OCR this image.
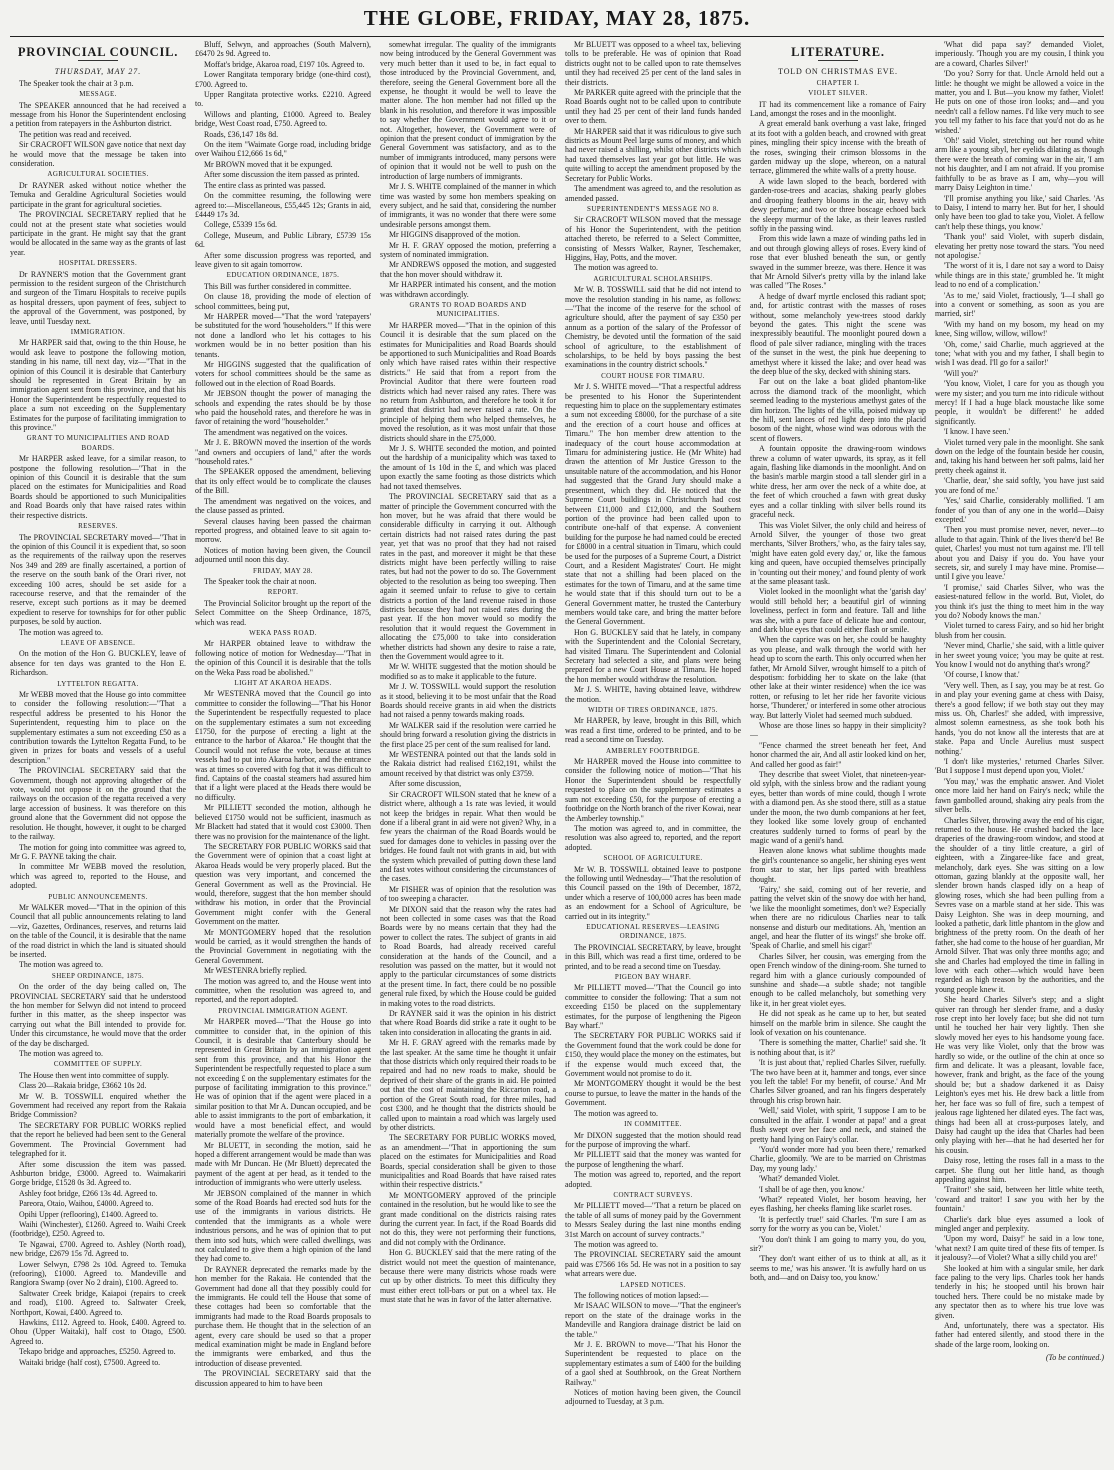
THE GLOBE, FRIDAY, MAY 28, 1875.
PROVINCIAL COUNCIL.

THURSDAY, MAY 27.

The Speaker took the chair at 3 p.m.

MESSAGE.

The SPEAKER announced that he had received a message from his Honor the Superintendent enclosing a petition from ratepayers in the Ashburton district.

The petition was read and received.

Sir CRACROFT WILSON gave notice that next day he would move that the message be taken into consideration.

AGRICULTURAL SOCIETIES.

Dr RAYNER asked without notice whether the Temuka and Geraldine Agricultural Societies would participate in the grant for agricultural societies.

The PROVINCIAL SECRETARY replied that he could not at the present state what societies would participate in the grant. He might say that the grant would be allocated in the same way as the grants of last year.

HOSPITAL DRESSERS.

Dr RAYNER'S motion that the Government grant permission to the resident surgeon of the Christchurch and surgeon of the Timaru Hospitals to receive pupils as hospital dressers, upon payment of fees, subject to the approval of the Government, was postponed, by leave, until Tuesday next.

IMMIGRATION.

Mr HARPER said that, owing to the thin House, he would ask leave to postpone the following motion, standing in his name, till next day, viz—"That in the opinion of this Council it is desirable that Canterbury should be represented in Great Britain by an immigration agent sent from this province, and that his Honor the Superintendent be respectfully requested to place a sum not exceeding on the Supplementary Estimates for the purpose of facilitating immigration to this province."

GRANT TO MUNICIPALITIES AND ROAD BOARDS.

Mr HARPER asked leave, for a similar reason, to postpone the following resolution—"That in the opinion of this Council it is desirable that the sum placed on the estimates for Municipalities and Road Boards should be apportioned to such Municipalities and Road Boards only that have raised rates within their respective districts.

RESERVES.

The PROVINCIAL SECRETARY moved—"That in the opinion of this Council it is expedient that, so soon as the requirements of the railway upon the reserves Nos 349 and 289 are finally ascertained, a portion of the reserve on the south bank of the Orari river, not exceeding 100 acres, should be set aside for a racecourse reserve, and that the remainder of the reserve, except such portions as it may be deemed expedient to reserve for townships for for other public purposes, be sold by auction.

The motion was agreed to.

LEAVE OF ABSENCE.

On the motion of the Hon G. BUCKLEY, leave of absence for ten days was granted to the Hon E. Richardson.

LYTTELTON REGATTA.

Mr WEBB moved that the House go into committee to consider the following resolution:—"That a respectful address be presented to his Honor the Superintendent, requesting him to place on the supplementary estimates a sum not exceeding £50 as a contribution towards the Lyttelton Regatta Fund, to be given in prizes for boats and vessels of a useful description."

The PROVINCIAL SECRETARY said that the Government, though not approving altogether of the vote, would not oppose it on the ground that the railways on the occasion of the regatta received a very large accession of business. It was therefore on this ground alone that the Government did not oppose the resolution. He thought, however, it ought to be charged to the railway.

The motion for going into committee was agreed to, Mr G. F. PAYNE taking the chair.

In committee Mr WEBB moved the resolution, which was agreed to, reported to the House, and adopted.

PUBLIC ANNOUNCEMENTS.

Mr WALKER moved—"That in the opinion of this Council that all public announcements relating to land—viz, Gazettes, Ordinances, reserves, and returns laid on the table of the Council, it is desirable that the name of the road district in which the land is situated should be inserted.

The motion was agreed to.

SHEEP ORDINANCE, 1875.

On the order of the day being called on, The PROVINCIAL SECRETARY said that he understood the hon member for Selwyn did not intend to proceed further in this matter, as the sheep inspector was carrying out what the Bill intended to provide for. Under this circumstance, he would move that the order of the day be discharged.

The motion was agreed to.

COMMITTEE OF SUPPLY.

The House then went into committee of supply.

Class 20—Rakaia bridge, £3662 10s 2d.

Mr W. B. TOSSWILL enquired whether the Government had received any report from the Rakaia Bridge Commission?

The SECRETARY FOR PUBLIC WORKS replied that the report he believed had been sent to the General Government. The Provincial Government had telegraphed for it.

After some discussion the item was passed. Ashburton bridge, £3000. Agreed to. Waimakariri Gorge bridge, £1528 0s 3d. Agreed to.

Ashley foot bridge, £266 13s 4d. Agreed to.

Pareora, Otaio, Waihou, £4000. Agreed to.

Opihi Upper (reflooring), £1400. Agreed to.

Waihi (Winchester), £1260. Agreed to. Waihi Creek (footbridge), £250. Agreed to.

Te Ngawai, £700. Agreed to. Ashley (North road), new bridge, £2679 15s 7d. Agreed to.

Lower Selwyn, £798 2s 10d. Agreed to. Temuka (refooring), £1000. Agreed to. Mandeville and Rangiora Swamp (over No 2 drain), £100. Agreed to.

Saltwater Creek bridge, Kaiapoi (repairs to creek and road), £100. Agreed to. Saltwater Creek, Northport, Kowai, £400. Agreed to.

Hawkins, £112. Agreed to. Hook, £400. Agreed to. Ohou (Upper Waitaki), half cost to Otago, £500. Agreed to.

Tekapo bridge and approaches, £5250. Agreed to.

Waitaki bridge (half cost), £7500. Agreed to.

Bluff, Selwyn, and approaches (South Malvern), £6470 2s 9d. Agreed to.

Moffat's bridge, Akaroa road, £197 10s. Agreed to.

Lower Rangitata temporary bridge (one-third cost), £700. Agreed to.

Upper Rangitata protective works. £2210. Agreed to.

Willows and planting, £1000. Agreed to. Bealey bridge, West Coast road, £750. Agreed to.

Roads, £36,147 18s 8d.

On the item "Waimate Gorge road, including bridge over Waihou £12,666 1s 6d,"

Mr BROWN moved that it be expunged.

After some discussion the item passed as printed.

The entire class as printed was passed.

On the committee resuming, the following were agreed to:—Miscellaneous, £55,445 12s; Grants in aid, £4449 17s 3d.

College, £5339 15s 6d.

College, Museum, and Public Library, £5739 15s 6d.

After some discussion progress was reported, and leave given to sit again tomorrow.

EDUCATION ORDINANCE, 1875.

This Bill was further considered in committee.

On clause 18, providing the mode of election of school committees, being put,

Mr HARPER moved—"That the word 'ratepayers' be substituted for the word 'householders.'" If this were not done a landlord who let his cottages to his workmen would be in no better position than his tenants.

Mr HIGGINS suggested that the qualification of voters for school committees should be the same as followed out in the election of Road Boards.

Mr JEBSON thought the power of managing the schools and expending the rates should be by those who paid the household rates, and therefore he was in favor of retaining the word "householder."

The amendment was negatived on the voices.

Mr J. E. BROWN moved the insertion of the words "and owners and occupiers of land," after the words "household rates."

The SPEAKER opposed the amendment, believing that its only effect would be to complicate the clauses of the Bill.

The amendment was negatived on the voices, and the clause passed as printed.

Several clauses having been passed the chairman reported progress, and obtained leave to sit again to-morrow.

Notices of motion having been given, the Council adjourned until noon this day.

FRIDAY, MAY 28.

The Speaker took the chair at noon.

REPORT.

The Provincial Solicitor brought up the report of the Select Committee on the Sheep Ordinance, 1875, which was read.

WEKA PASS ROAD.

Mr HARPER obtained leave to withdraw the following notice of motion for Wednesday—"That in the opinion of this Council it is desirable that the tolls on the Weka Pass road be abolished."

LIGHT AT AKAROA HEADS.

Mr WESTENRA moved that the Council go into committee to consider the following—"That his Honor the Superintendent be respectfully requested to place on the supplementary estimates a sum not exceeding £1750, for the purpose of erecting a light at the entrance to the harbor of Akaroa." He thought that the Council would not refuse the vote, because at times vessels had to put into Akaroa harbor, and the entrance was at times so covered with fog that it was difficult to find. Captains of the coastal steamers had assured him that if a light were placed at the Heads there would be no difficulty.

Mr PILLIETT seconded the motion, although he believed £1750 would not be sufficient, inasmuch as Mr Blackett had stated that it would cost £3000. Then there was no provision for the maintenance of the light.

The SECRETARY FOR PUBLIC WORKS said that the Government were of opinion that a coast light at Akaroa Heads would be very properly placed. But the question was very important, and concerned the General Government as well as the Provincial. He would, therefore, suggest that the hon member should withdraw his motion, in order that the Provincial Government might confer with the General Government on the matter.

Mr MONTGOMERY hoped that the resolution would be carried, as it would strengthen the hands of the Provincial Government in negotiating with the General Government.

Mr WESTENRA briefly replied.

The motion was agreed to, and the House went into committee, when the resolution was agreed to, and reported, and the report adopted.

PROVINCIAL IMMIGRATION AGENT.

Mr HARPER moved—"That the House go into committee to consider that, in the opinion of this Council, it is desirable that Canterbury should be represented in Great Britain by an immigration agent sent from this province, and that his Honor the Superintendent be respectfully requested to place a sum not exceeding £ on the supplementary estimates for the purpose of facilitating immigration to this province." He was of opinion that if the agent were placed in a similar position to that Mr A. Duncan occupied, and be able to assist immigrants to the port of embarkation, it would have a most beneficial effect, and would materially promote the welfare of the province.

Mr BLUETT, in seconding the motion, said he hoped a different arrangement would be made than was made with Mr Duncan. He (Mr Bluett) deprecated the payment of the agent at per head, as it tended to the introduction of immigrants who were utterly useless.

Mr JEBSON complained of the manner in which some of the Road Boards had erected sod huts for the use of the immigrants in various districts. He contended that the immigrants as a whole were industrious persons, and he was of opinion that to put them into sod huts, which were called dwellings, was not calculated to give them a high opinion of the land they had come to.

Dr RAYNER deprecated the remarks made by the hon member for the Rakaia. He contended that the Government had done all that they possibly could for the immigrants. He could tell the House that some of these cottages had been so comfortable that the immigrants had made to the Road Boards proposals to purchase them. He thought that in the selection of an agent, every care should be used so that a proper medical examination might be made in England before the immigrants were embarked, and thus the introduction of disease prevented.

The PROVINCIAL SECRETARY said that the discussion appeared to him to have been

somewhat irregular. The quality of the immigrants now being introduced by the General Government was very much better than it used to be, in fact equal to those introduced by the Provincial Government, and, therefore, seeing the General Government bore all the expense, he thought it would be well to leave the matter alone. The hon member had not filled up the blank in his resolution, and therefore it was impossible to say whether the Government would agree to it or not. Altogether, however, the Government were of opinion that the present conduct of immigration by the General Government was satisfactory, and as to the number of immigrants introduced, many persons were of opinion that it would not be well to push on the introduction of large numbers of immigrants.

Mr J. S. WHITE complained of the manner in which time was wasted by some hon members speaking on every subject, and he said that, considering the number of immigrants, it was no wonder that there were some undesirable persons amongst them.

Mr HIGGINS disapproved of the motion.

Mr H. F. GRAY opposed the motion, preferring a system of nominated immigration.

Mr ANDREWS opposed the motion, and suggested that the hon mover should withdraw it.

Mr HARPER intimated his consent, and the motion was withdrawn accordingly.

GRANTS TO ROAD BOARDS AND MUNICIPALITIES.

Mr HARPER moved—"That in the opinion of this Council it is desirable that the sum placed on the estimates for Municipalities and Road Boards should be apportioned to such Municipalities and Road Boards only which have raised rates within their respective districts." He said that from a report from the Provincial Auditor that there were fourteen road districts which had never raised any rates. There was no return from Ashburton, and therefore he took it for granted that district had never raised a rate. On the principle of helping them who helped themselves, he moved the resolution, as it was most unfair that those districts should share in the £75,000.

Mr J. S. WHITE seconded the motion, and pointed out the hardship of a municipality which was taxed to the amount of 1s 10d in the £, and which was placed upon exactly the same footing as those districts which had not taxed themselves.

The PROVINCIAL SECRETARY said that as a matter of principle the Government concurred with the hon mover, but he was afraid that there would be considerable difficulty in carrying it out. Although certain districts had not raised rates during the past year, yet that was no proof that they had not raised rates in the past, and moreover it might be that these districts might have been perfectly willing to raise rates, but had not the power to do so. The Government objected to the resolution as being too sweeping. Then again it seemed unfair to refuse to give to certain districts a portion of the land revenue raised in those districts because they had not raised rates during the past year. If the hon mover would so modify the resolution that it would request the Government in allocating the £75,000 to take into consideration whether districts had shown any desire to raise a rate, then the Government would agree to it.

Mr W. WHITE suggested that the motion should be modified so as to make it applicable to the future.

Mr J. W. TOSSWILL would support the resolution as it stood, believing it to be most unfair that the Road Boards should receive grants in aid when the districts had not raised a penny towards making roads.

Mr WALKER said if the resolution were carried he should bring forward a resolution giving the districts in the first place 25 per cent of the sum realised for land.

Mr WESTENRA pointed out that the lands sold in the Rakaia district had realised £162,191, whilst the amount received by that district was only £3759.

After some discussion,

Sir CRACROFT WILSON stated that he knew of a district where, although a 1s rate was levied, it would not keep the bridges in repair. What then would be done if a liberal grant in aid were not given? Why, in a few years the chairman of the Road Boards would be sued for damages done to vehicles in passing over the bridges. He found fault not with grants in aid, but with the system which prevailed of putting down these land and fast votes without considering the circumstances of the cases.

Mr FISHER was of opinion that the resolution was of too sweeping a character.

Mr DIXON said that the reason why the rates had not been collected in some cases was that the Road Boards were by no means certain that they had the power to collect the rates. The subject of grants in aid to Road Boards, had already received careful consideration at the hands of the Council, and a resolution was passed on the matter, but it would not apply to the particular circumstances of some districts at the present time. In fact, there could be no possible general rule fixed, by which the House could be guided in making votes to the road districts.

Dr RAYNER said it was the opinion in his district that where Road Boards did strike a rate it ought to be taken into consideration in allocating the grants in aid.

Mr H. F. GRAY agreed with the remarks made by the last speaker. At the same time he thought it unfair that those districts which only required their roads to be repaired and had no new roads to make, should be deprived of their share of the grants in aid. He pointed out that the cost of maintaining the Riccarton road, a portion of the Great South road, for three miles, had cost £300, and he thought that the districts should be called upon to maintain a road which was largely used by other districts.

The SECRETARY FOR PUBLIC WORKS moved, as an amendment—"That in apportioning the sum placed on the estimates for Municipalities and Road Boards, special consideration shall be given to those municipalities and Road Boards that have raised rates within their respective districts."

Mr MONTGOMERY approved of the principle contained in the resolution, but he would like to see the grant made conditional on the districts raising rates during the current year. In fact, if the Road Boards did not do this, they were not performing their functions, and did not comply with the Ordinance.

Hon G. BUCKLEY said that the mere rating of the district would not meet the question of maintenance, because there were many districts whose roads were cut up by other districts. To meet this difficulty they must either erect toll-bars or put on a wheel tax. He must state that he was in favor of the latter alternative.

Mr BLUETT was opposed to a wheel tax, believing tolls to be preferable. He was of opinion that Road districts ought not to be called upon to rate themselves until they had received 25 per cent of the land sales in their districts.

Mr PARKER quite agreed with the principle that the Road Boards ought not to be called upon to contribute until they had 25 per cent of their land funds handed over to them.

Mr HARPER said that it was ridiculous to give such districts as Mount Peel large sums of money, and which had never raised a shilling, whilst other districts which had taxed themselves last year got but little. He was quite willing to accept the amendment proposed by the Secretary for Public Works.

The amendment was agreed to, and the resolution as amended passed.

SUPERINTENDENT'S MESSAGE NO 8.

Sir CRACROFT WILSON moved that the message of his Honor the Superintendent, with the petition attached thereto, be referred to a Select Committee, consisting of Messrs Walker, Rayner, Teschemaker, Higgins, Hay, Potts, and the mover.

The motion was agreed to.

AGRICULTURAL SCHOLARSHIPS.

Mr W. B. TOSSWILL said that he did not intend to move the resolution standing in his name, as follows:—"That the income of the reserve for the school of agriculture should, after the payment of say £350 per annum as a portion of the salary of the Professor of Chemistry, be devoted until the formation of the said school of agriculture, to the establishment of scholarships, to be held by boys passing the best examinations in the country district schools."

COURT HOUSE FOR TIMARU.

Mr J. S. WHITE moved—"That a respectful address be presented to his Honor the Superintendent requesting him to place on the supplementary estimates a sum not exceeding £8000, for the purchase of a site and the erection of a court house and offices at Timaru." The hon member drew attention to the inadequacy of the court house accommodation at Timaru for administering justice. He (Mr White) had drawn the attention of Mr Justice Gresson to the unsuitable nature of the accommodation, and his Honor had suggested that the Grand Jury should make a presentment, which they did. He noticed that the Supreme Court buildings in Christchurch had cost between £11,000 and £12,000, and the Southern portion of the province had been called upon to contribute one-half of that expense. A convenient building for the purpose he had named could be erected for £8000 in a central situation in Timaru, which could be used for the purposes of a Supreme Court, a District Court, and a Resident Magistrates' Court. He might state that not a shilling had been placed on the estimates for the town of Timaru, and at the same time he would state that if this should turn out to be a General Government matter, he trusted the Canterbury members would take care, and bring the matter before the General Government.

Hon G. BUCKLEY said that he lately, in company with the Superintendent and the Colonial Secretary, had visited Timaru. The Superintendent and Colonial Secretary had selected a site, and plans were being prepared for a new Court House at Timaru. He hoped the hon member would withdraw the resolution.

Mr J. S. WHITE, having obtained leave, withdrew the motion.

WIDTH OF TIRES ORDINANCE, 1875.

Mr HARPER, by leave, brought in this Bill, which was read a first time, ordered to be printed, and to be read a second time on Tuesday.

AMBERLEY FOOTBRIDGE.

Mr HARPER moved the House into committee to consider the following notice of motion—"That his Honor the Superintendent should be respectfully requested to place on the supplementary estimates a sum not exceeding £50, for the purpose of erecting a footbridge on the North branch of the river Kowai, near the Amberley township."

The motion was agreed to, and in committee, the resolution was also agreed to, reported, and the report adopted.

SCHOOL OF AGRICULTURE.

Mr W. B. TOSSWILL obtained leave to postpone the following until Wednesday—"That the resolution of this Council passed on the 19th of December, 1872, under which a reserve of 100,000 acres has been made as an endowment for a School of Agriculture, be carried out in its integrity."

EDUCATIONAL RESERVES—LEASING ORDINANCE, 1875.

The PROVINCIAL SECRETARY, by leave, brought in this Bill, which was read a first time, ordered to be printed, and to be read a second time on Tuesday.

PIGEON BAY WHARF.

Mr PILLIETT moved—"That the Council go into committee to consider the following: That a sum not exceeding £150 be placed on the supplementary estimates, for the purpose of lengthening the Pigeon Bay wharf."

The SECRETARY FOR PUBLIC WORKS said if the Government found that the work could be done for £150, they would place the money on the estimates, but if the expense would much exceed that, the Government would not promise to do it.

Mr MONTGOMERY thought it would be the best course to pursue, to leave the matter in the hands of the Government.

The motion was agreed to.

IN COMMITTEE.

Mr DIXON suggested that the motion should read for the purpose of improving the wharf.

Mr PILLIETT said that the money was wanted for the purpose of lengthening the wharf.

The motion was agreed to, reported, and the report adopted.

CONTRACT SURVEYS.

Mr PILLIETT moved—"That a return be placed on the table of all sums of money paid by the Government to Messrs Sealey during the last nine months ending 31st March on account of survey contracts."

The motion was agreed to.

The PROVINCIAL SECRETARY said the amount paid was £7566 16s 5d. He was not in a position to say what arrears were due.

LAPSED NOTICES.

The following notices of motion lapsed:—

Mr ISAAC WILSON to move—"That the engineer's report on the state of the drainage works in the Mandeville and Rangiora drainage district be laid on the table."

Mr J. E. BROWN to move—"That his Honor the Superintendent be requested to place on the supplementary estimates a sum of £400 for the building of a gaol shed at Southbrook, on the Great Northern Railway."

Notices of motion having been given, the Council adjourned to Tuesday, at 3 p.m.

LITERATURE.

TOLD ON CHRISTMAS EVE.

CHAPTER I.

VIOLET SILVER.

IT had its commencement like a romance of Fairy Land, amongst the roses and in the moonlight.

A great emerald bank overhung a vast lake, fringed at its foot with a golden beach, and crowned with great pines, mingling their spicy incense with the breath of the roses, swinging their crimson blossoms in the garden midway up the slope, whereon, on a natural terrace, glimmered the white walls of a pretty house.

A wide lawn sloped to the beach, bordered with garden-rose-trees and acacias, shaking pearly globes and drooping feathery blooms in the air, heavy with dewy perfume; and two or three boscage echoed back the sleepy murmur of the lake, as their leaves rustled softly in the passing wind.

From this wide lawn a maze of winding paths led in and out through glowing alleys of roses. Every kind of rose that ever blushed beneath the sun, or gently swayed in the summer breeze, was there. Hence it was that Mr Arnold Silver's pretty villa by the inland lake was called "The Roses."

A hedge of dwarf myrtle enclosed this radiant spot; and, for artistic contrast with the masses of roses without, some melancholy yew-trees stood darkly beyond the gates. This night the scene was inexpressibly beautiful. The moonlight poured down a flood of pale silver radiance, mingling with the traces of the sunset in the west, the pink hue deepening to amethyst where it kissed the lake; and over head was the deep blue of the sky, decked with shining stars.

Far out on the lake a boat glided phantom-like across the diamond track of the moonlight, which seemed leading to the mysterious amethyst gates of the dim horizon. The lights of the villa, poised midway up the hill, sent lances of red light deep into the placid bosom of the night, whose wind was odorous with the scent of flowers.

A fountain opposite the drawing-room windows threw a column of water upwards, its spray, as it fell again, flashing like diamonds in the moonlight. And on the basin's marble margin stood a tall slender girl in a white dress, her arm over the neck of a white doe, at the feet of which crouched a fawn with great dusky eyes and a collar tinkling with silver bells round its graceful neck.

This was Violet Silver, the only child and heiress of Arnold Silver, the younger of those two great merchants, 'Silver Brothers,' who, as the fairy tales say, 'might have eaten gold every day,' or, like the famous king and queen, have occupied themselves principally in 'counting out their money,' and found plenty of work at the same pleasant task.

Violet looked in the moonlight what the 'garish day' would still behold her; a beautiful girl of winning loveliness, perfect in form and feature. Tall and lithe was she, with a pure face of delicate hue and contour, and dark blue eyes that could either flash or smile.

When the caprice was on her, she could be haughty as you please, and walk through the world with her head up to scorn the earth. This only occurred when her father, Mr Arnold Silver, wrought himself to a pitch of despotism: forbidding her to skate on the lake (that other lake at their winter residence) when the ice was rotten, or refusing to let her ride her favorite vicious horse, 'Thunderer,' or interfered in some other atrocious way. But latterly Violet had seemed much subdued.

Whose are those lines so happy in their simplicity?—

"Fence charmed the street beneath her feet, And honor charmed the air, And all astir looked kind on her, And called her good as fair!"

They describe that sweet Violet, that nineteen-year-old sylph, with the sinless brow and the radiant young eyes, better than words of mine could, though I wrote with a diamond pen. As she stood there, still as a statue under the moon, the two dumb companions at her feet, they looked like some lovely group of enchanted creatures suddenly turned to forms of pearl by the magic wand of a genii's hand.

Heaven alone knows what sublime thoughts made the girl's countenance so angelic, her shining eyes went from star to star, her lips parted with breathless thought.

'Fairy,' she said, coming out of her reverie, and patting the velvet skin of the snowy doe with her hand, 'we like the moonlight sometimes, don't we? Especially when there are no ridiculous Charlies near to talk nonsense and disturb our meditations. Ah, 'mention an angel, and hear the flutter of its wings!' she broke off. 'Speak of Charlie, and smell his cigar!'

Charles Silver, her cousin, was emerging from the open French window of the dining-room. She turned to regard him with a glance curiously compounded of sunshine and shade—a subtle shade; not tangible enough to be called melancholy, but something very like it, in her great violet eyes.

He did not speak as he came up to her, but seated himself on the marble brim in silence. She caught the look of vexation on his countenance.

'There is something the matter, Charlie!' said she. 'It is nothing about that, is it?'

'It is just about that,' replied Charles Silver, ruefully. 'The two have been at it, hammer and tongs, ever since you left the table! For my benefit, of course.' And Mr Charles Silver groaned, and ran his fingers desperately through his crisp brown hair.

'Well,' said Violet, with spirit, 'I suppose I am to be consulted in the affair. I wonder at papa!' and a great flush swept over her face and neck, and stained the pretty hand lying on Fairy's collar.

'You'd wonder more had you been there,' remarked Charlie, gloomily. 'We are to be married on Christmas Day, my young lady.'

'What?' demanded Violet.

'I shall be of age then, you know.'

'What?' repeated Violet, her bosom heaving, her eyes flashing, her cheeks flaming like scarlet roses.

'It is perfectly true!' said Charles. 'I'm sure I am as sorry for the worry as you can be, Violet.'

'You don't think I am going to marry you, do you, sir?'

'They don't want either of us to think at all, as it seems to me,' was his answer. 'It is awfully hard on us both, and—and on Daisy too, you know.'

'What did papa say?' demanded Violet, imperiously. 'Though you are my cousin, I think you are a coward, Charles Silver!'

'Do you? Sorry for that. Uncle Arnold held out a little: he thought we might be allowed a voice in the matter, you and I. But—you know my father, Violet! He puts on one of those iron looks; and—and you needn't call a fellow names. I'd like very much to see you tell my father to his face that you'd not do as he wished.'

'Oh!' said Violet, stretching out her round white arm like a young sibyl, her eyelids dilating as though there were the breath of coming war in the air, 'I am not his daughter, and I am not afraid. If you promise faithfully to be as brave as I am, why—you will marry Daisy Leighton in time.'

'I'll promise anything you like,' said Charles. 'As to Daisy, I intend to marry her. But for her, I should only have been too glad to take you, Violet. A fellow can't help these things, you know.'

'Thank you!' said Violet, with superb disdain, elevating her pretty nose toward the stars. 'You need not apologise.'

'The worst of it is, I dare not say a word to Daisy while things are in this state,' grumbled he. 'It might lead to no end of a complication.'

'As to me,' said Violet, fractiously, 'I—I shall go into a convent or something, as soon as you are married, sir!'

'With my hand on my bosom, my head on my knee, Sing willow, willow, willow!'

'Oh, come,' said Charlie, much aggrieved at the tone; 'what with you and my father, I shall begin to wish I was dead. I'll go for a sailor!'

'Will you?'

'You know, Violet, I care for you as though you were my sister; and you turn me into ridicule without mercy! If I had a huge black moustache like some people, it wouldn't be different!' he added significantly.

'I know. I have seen.'

Violet turned very pale in the moonlight. She sank down on the ledge of the fountain beside her cousin, and, taking his hand between her soft palms, laid her pretty cheek against it.

'Charlie, dear,' she said softly, 'you have just said you are fond of me.'

'Yes,' said Charlie, considerably mollified. 'I am fonder of you than of any one in the world—Daisy excepted.'

'Then you must promise never, never, never—to allude to that again. Think of the lives there'd be! Be quiet, Charles! you must not turn against me. I'll tell about you and Daisy if you do. You have your secrets, sir, and surely I may have mine. Promise—until I give you leave.'

'I promise,' said Charles Silver, who was the easiest-natured fellow in the world. But, Violet, do you think it's just the thing to meet him in the way you do? Nobody knows the man.'

Violet turned to caress Fairy, and so hid her bright blush from her cousin.

'Never mind, Charlie,' she said, with a little quiver in her sweet young voice; 'you may be quite at rest. You know I would not do anything that's wrong?'

'Of course, I know that.'

'Very well. Then, as I say, you may be at rest. Go in and play your evening game at chess with Daisy, there's a good fellow; if we both stay out they may miss us. Oh, Charles!' she added, with impressive, almost solemn earnestness, as she took both his hands, 'you do not know all the interests that are at stake. Papa and Uncle Aurelius must suspect nothing.'

'I don't like mysteries,' returned Charles Silver. 'But I suppose I must depend upon you, Violet.'

'You may,' was the emphatic answer. And Violet once more laid her hand on Fairy's neck; while the fawn gambolled around, shaking airy peals from the silver bells.

Charles Silver, throwing away the end of his cigar, returned to the house. He crushed backed the lace draperies of the drawing-room window, and stood at the shoulder of a tiny little creature, a girl of eighteen, with a Zingaree-like face and great, melancholy, dark eyes. She was sitting on a low ottoman, gazing blankly at the opposite wall, her slender brown hands clasped idly on a heap of glowing roses, which she had been pulling from a Sevres vase on a marble stand at her side. This was Daisy Leighton. She was in deep mourning, and looked a pathetic, dark little phantom in the glow and brightness of the pretty room. On the death of her father, she had come to the house of her guardian, Mr Arnold Silver. That was only three months ago; and she and Charles had employed the time in falling in love with each other—which would have been regarded as high treason by the authorities, and the young people knew it.

She heard Charles Silver's step; and a slight quiver ran through her slender frame, and a dusky rose crept into her lovely face; but she did not turn until he touched her hair very lightly. Then she slowly moved her eyes to his handsome young face. He was very like Violet, only that the brow was hardly so wide, or the outline of the chin at once so firm and delicate. It was a pleasant, lovable face, however, frank and bright, as the face of the young should be; but a shadow darkened it as Daisy Leighton's eyes met his. He drew back a little from her, her face was so full of fire, such a tempest of jealous rage lightened her dilated eyes. The fact was, things had been all at cross-purposes lately, and Daisy had caught up the idea that Charles had been only playing with her—that he had deserted her for his cousin.

Daisy rose, letting the roses fall in a mass to the carpet. She flung out her little hand, as though appealing against him.

'Traitor!' she said, between her little white teeth, 'coward and traitor! I saw you with her by the fountain.'

Charlie's dark blue eyes assumed a look of mingled anger and perplexity.

'Upon my word, Daisy!' he said in a low tone, 'what next? I am quite tired of these fits of temper. Is it jealousy?—of Violet? What a silly child you are!'

She looked at him with a singular smile, her dark face paling to the very lips. Charles took her hands tenderly in his; he stooped until his brown hair touched hers. There could be no mistake made by any spectator then as to where his true love was given.

And, unfortunately, there was a spectator. His father had entered silently, and stood there in the shade of the large room, looking on.

(To be continued.)
